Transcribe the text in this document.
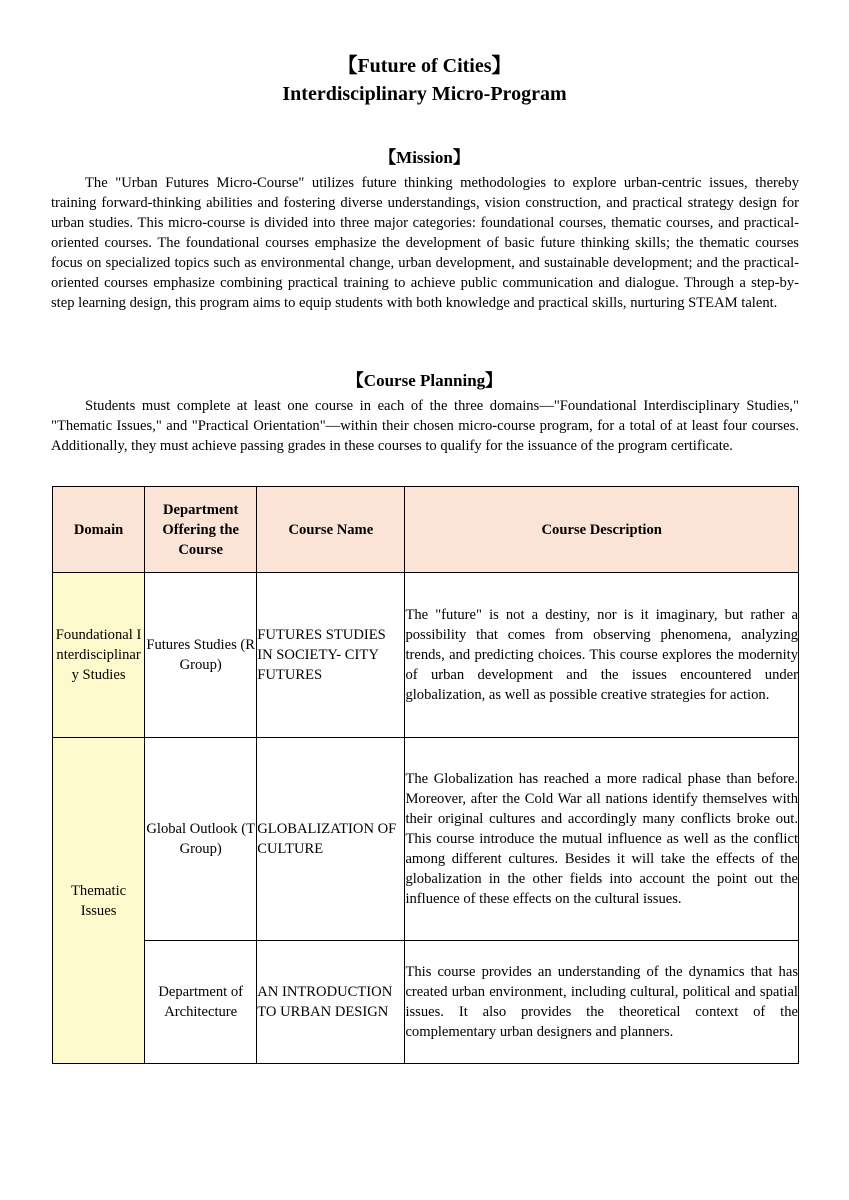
【Future of Cities】
Interdisciplinary Micro-Program
【Mission】

The "Urban Futures Micro-Course" utilizes future thinking methodologies to explore urban-centric issues, thereby training forward-thinking abilities and fostering diverse understandings, vision construction, and practical strategy design for urban studies. This micro-course is divided into three major categories: foundational courses, thematic courses, and practical-oriented courses. The foundational courses emphasize the development of basic future thinking skills; the thematic courses focus on specialized topics such as environmental change, urban development, and sustainable development; and the practical-oriented courses emphasize combining practical training to achieve public communication and dialogue. Through a step-by-step learning design, this program aims to equip students with both knowledge and practical skills, nurturing STEAM talent.

【Course Planning】

Students must complete at least one course in each of the three domains—"Foundational Interdisciplinary Studies," "Thematic Issues," and "Practical Orientation"—within their chosen micro-course program, for a total of at least four courses. Additionally, they must achieve passing grades in these courses to qualify for the issuance of the program certificate.

Domain	Department Offering the Course	Course Name	Course Description
Foundational Interdisciplinary Studies	Futures Studies (R Group)	FUTURES STUDIES IN SOCIETY- CITY FUTURES	The "future" is not a destiny, nor is it imaginary, but rather a possibility that comes from observing phenomena, analyzing trends, and predicting choices. This course explores the modernity of urban development and the issues encountered under globalization, as well as possible creative strategies for action.
Thematic Issues	Global Outlook (T Group)	GLOBALIZATION OF CULTURE	The Globalization has reached a more radical phase than before. Moreover, after the Cold War all nations identify themselves with their original cultures and accordingly many conflicts broke out. This course introduce the mutual influence as well as the conflict among different cultures. Besides it will take the effects of the globalization in the other fields into account the point out the influence of these effects on the cultural issues.
	Department of Architecture	AN INTRODUCTION TO URBAN DESIGN	This course provides an understanding of the dynamics that has created urban environment, including cultural, political and spatial issues. It also provides the theoretical context of the complementary urban designers and planners.
